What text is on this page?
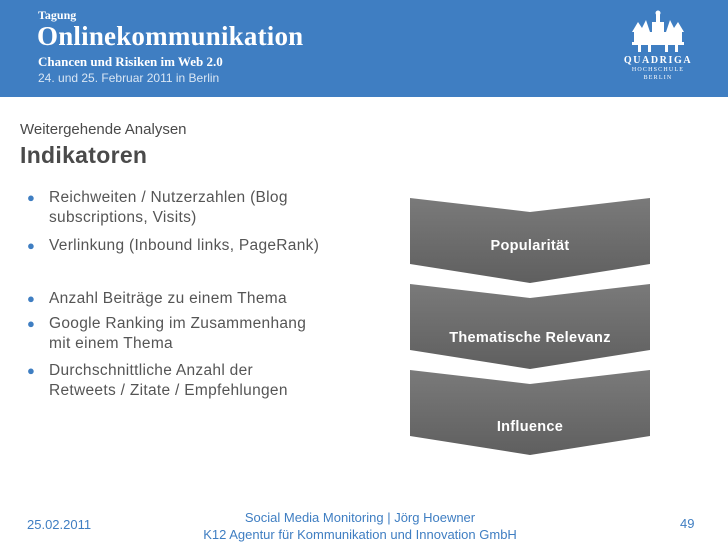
Tagung
Onlinekommunikation
Chancen und Risiken im Web 2.0
24. und 25. Februar 2011 in Berlin
QUADRIGA
HOCHSCHULE
BERLIN
Weitergehende Analysen
Indikatoren
● Reichweiten / Nutzerzahlen (Blog
subscriptions, Visits)
● Verlinkung (Inbound links, PageRank)
● Anzahl Beiträge zu einem Thema
● Google Ranking im Zusammenhang
mit einem Thema
● Durchschnittliche Anzahl der
Retweets / Zitate / Empfehlungen
Popularität
Thematische Relevanz
Influence
25.02.2011	Social Media Monitoring | Jörg Hoewner
K12 Agentur für Kommunikation und Innovation GmbH
49
